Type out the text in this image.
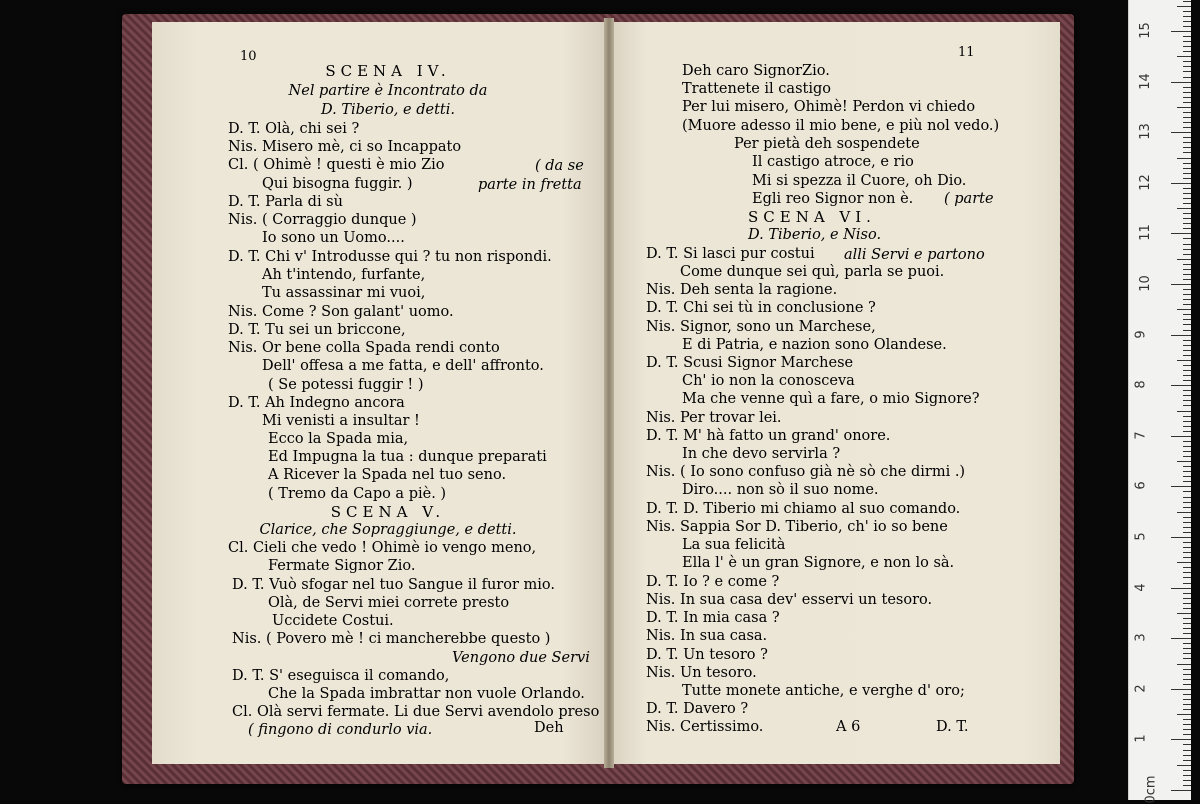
10
SCENA IV.
Nel partire è Incontrato da
D. Tiberio, e detti.
D. T. Olà, chi sei ?
Nis. Misero mè, ci so Incappato
Cl. ( Ohimè ! questi è mio Zio	( da se
Qui bisogna fuggir. )	parte in fretta
D. T. Parla di sù
Nis. ( Corraggio dunque )
Io sono un Uomo....
D. T. Chi v' Introdusse qui ? tu non rispondi.
Ah t'intendo, furfante,
Tu assassinar mi vuoi,
Nis. Come ? Son galant' uomo.
D. T. Tu sei un briccone,
Nis. Or bene colla Spada rendi conto
Dell' offesa a me fatta, e dell' affronto.
( Se potessi fuggir ! )
D. T. Ah Indegno ancora
Mi venisti a insultar !
Ecco la Spada mia,
Ed Impugna la tua : dunque preparati
A Ricever la Spada nel tuo seno.
( Tremo da Capo a piè. )
SCENA V.
Clarice, che Sopraggiunge, e detti.
Cl. Cieli che vedo ! Ohimè io vengo meno,
Fermate Signor Zio.
D. T. Vuò sfogar nel tuo Sangue il furor mio.
Olà, de Servi miei correte presto
Uccidete Costui.
Nis. ( Povero mè ! ci mancherebbe questo )
Vengono due Servi
D. T. S' eseguisca il comando,
Che la Spada imbrattar non vuole Orlando.
Cl. Olà servi fermate. Li due Servi avendolo preso
( fingono di condurlo via.	Deh
11
Deh caro SignorZio.
Trattenete il castigo
Per lui misero, Ohimè! Perdon vi chiedo
(Muore adesso il mio bene, e più nol vedo.)
Per pietà deh sospendete
Il castigo atroce, e rio
Mi si spezza il Cuore, oh Dio.
Egli reo Signor non è. ( parte
SCENA VI.
D. Tiberio, e Niso.
D. T. Si lasci pur costui alli Servi e partono
Come dunque sei quì, parla se puoi.
Nis. Deh senta la ragione.
D. T. Chi sei tù in conclusione ?
Nis. Signor, sono un Marchese,
E di Patria, e nazion sono Olandese.
D. T. Scusi Signor Marchese
Ch' io non la conosceva
Ma che venne quì a fare, o mio Signore?
Nis. Per trovar lei.
D. T. M' hà fatto un grand' onore.
In che devo servirla ?
Nis. ( Io sono confuso già nè sò che dirmi .)
Diro.... non sò il suo nome.
D. T. D. Tiberio mi chiamo al suo comando.
Nis. Sappia Sor D. Tiberio, ch' io so bene
La sua felicità
Ella l' è un gran Signore, e non lo sà.
D. T. Io ? e come ?
Nis. In sua casa dev' esservi un tesoro.
D. T. In mia casa ?
Nis. In sua casa.
D. T. Un tesoro ?
Nis. Un tesoro.
Tutte monete antiche, e verghe d' oro;
D. T. Davero ?
Nis. Certissimo.	A 6	D. T.
15
14
13
12
11
10
9
8
7
6
5
4
3
2
1
0cm
